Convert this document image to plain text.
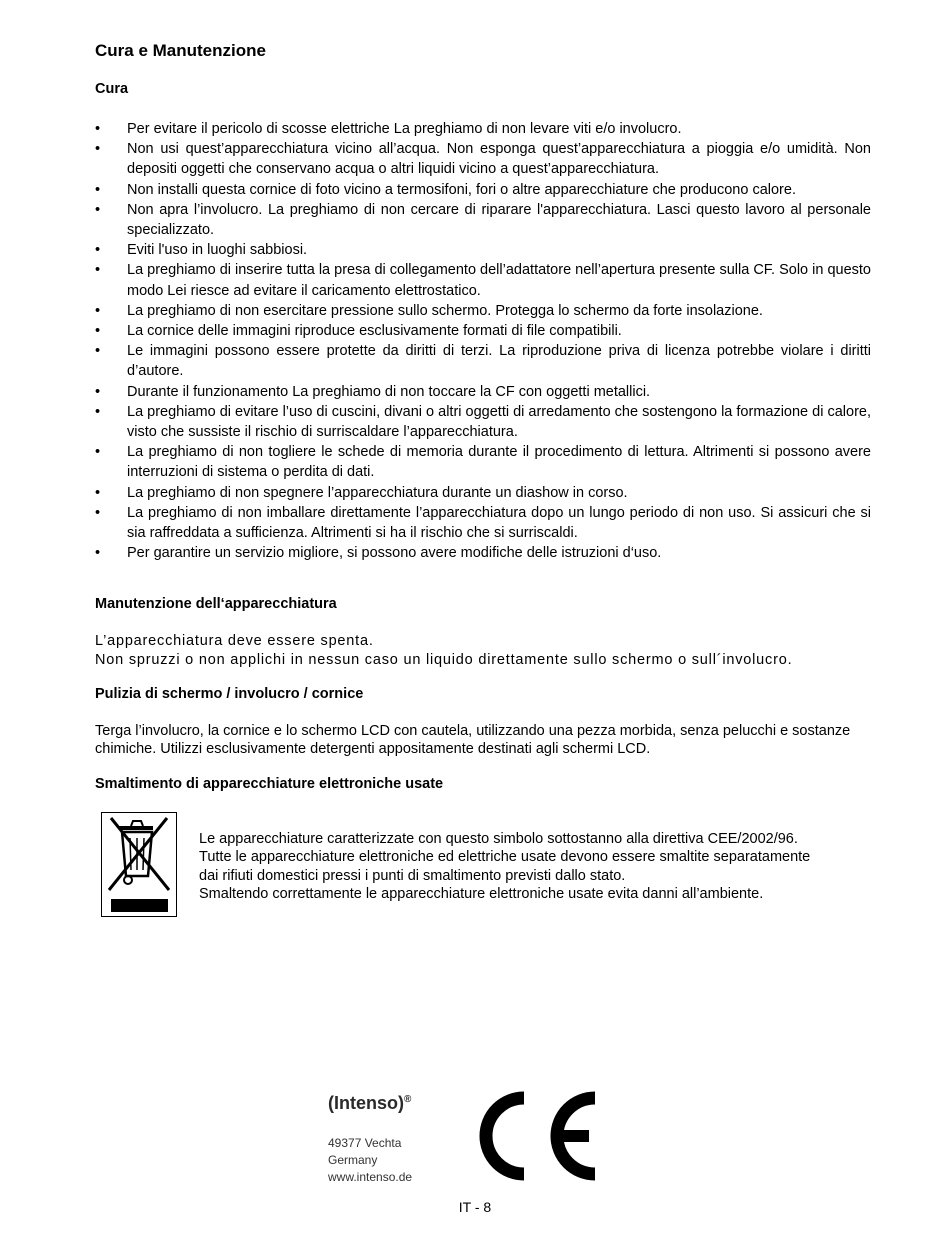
Cura e Manutenzione
Cura
• Per evitare il pericolo di scosse elettriche La preghiamo di non levare viti e/o involucro.
• Non usi quest’apparecchiatura vicino all’acqua. Non esponga quest’apparecchiatura a pioggia e/o umidità. Non depositi oggetti che conservano acqua o altri liquidi vicino a quest’apparecchiatura.
• Non installi questa cornice di foto vicino a termosifoni, fori o altre apparecchiature che producono calore.
• Non apra l’involucro. La preghiamo di non cercare di riparare l'apparecchiatura. Lasci questo lavoro al personale specializzato.
• Eviti l'uso in luoghi sabbiosi.
• La preghiamo di inserire tutta la presa di collegamento dell’adattatore nell’apertura presente sulla CF. Solo in questo modo Lei riesce ad evitare il caricamento elettrostatico.
• La preghiamo di non esercitare pressione sullo schermo. Protegga lo schermo da forte insolazione.
• La cornice delle immagini riproduce esclusivamente formati di file compatibili.
• Le immagini possono essere protette da diritti di terzi. La riproduzione priva di licenza potrebbe violare i diritti d’autore.
• Durante il funzionamento La preghiamo di non toccare la CF con oggetti metallici.
• La preghiamo di evitare l’uso di cuscini, divani o altri oggetti di arredamento che sostengono la formazione di calore, visto che sussiste il rischio di surriscaldare l’apparecchiatura.
• La preghiamo di non togliere le schede di memoria durante il procedimento di lettura. Altrimenti si possono avere interruzioni di sistema o perdita di dati.
• La preghiamo di non spegnere l’apparecchiatura durante un diashow in corso.
• La preghiamo di non imballare direttamente l’apparecchiatura dopo un lungo periodo di non uso. Si assicuri che si sia raffreddata a sufficienza. Altrimenti si ha il rischio che si surriscaldi.
• Per garantire un servizio migliore, si possono avere modifiche delle istruzioni d‘uso.
Manutenzione dell‘apparecchiatura
L’apparecchiatura deve essere spenta.
Non spruzzi o non applichi in nessun caso un liquido direttamente sullo schermo o sull´involucro.
Pulizia di schermo / involucro / cornice

Terga l’involucro, la cornice e lo schermo LCD con cautela, utilizzando una pezza morbida, senza pelucchi e sostanze chimiche. Utilizzi esclusivamente detergenti appositamente destinati agli schermi LCD.

Smaltimento di apparecchiature elettroniche usate
Le apparecchiature caratterizzate con questo simbolo sottostanno alla direttiva CEE/2002/96.
Tutte le apparecchiature elettroniche ed elettriche usate devono essere smaltite separatamente
dai rifiuti domestici pressi i punti di smaltimento previsti dallo stato.
Smaltendo correttamente le apparecchiature elettroniche usate evita danni all’ambiente.
(Intenso)®
49377 Vechta
Germany
www.intenso.de
IT - 8
